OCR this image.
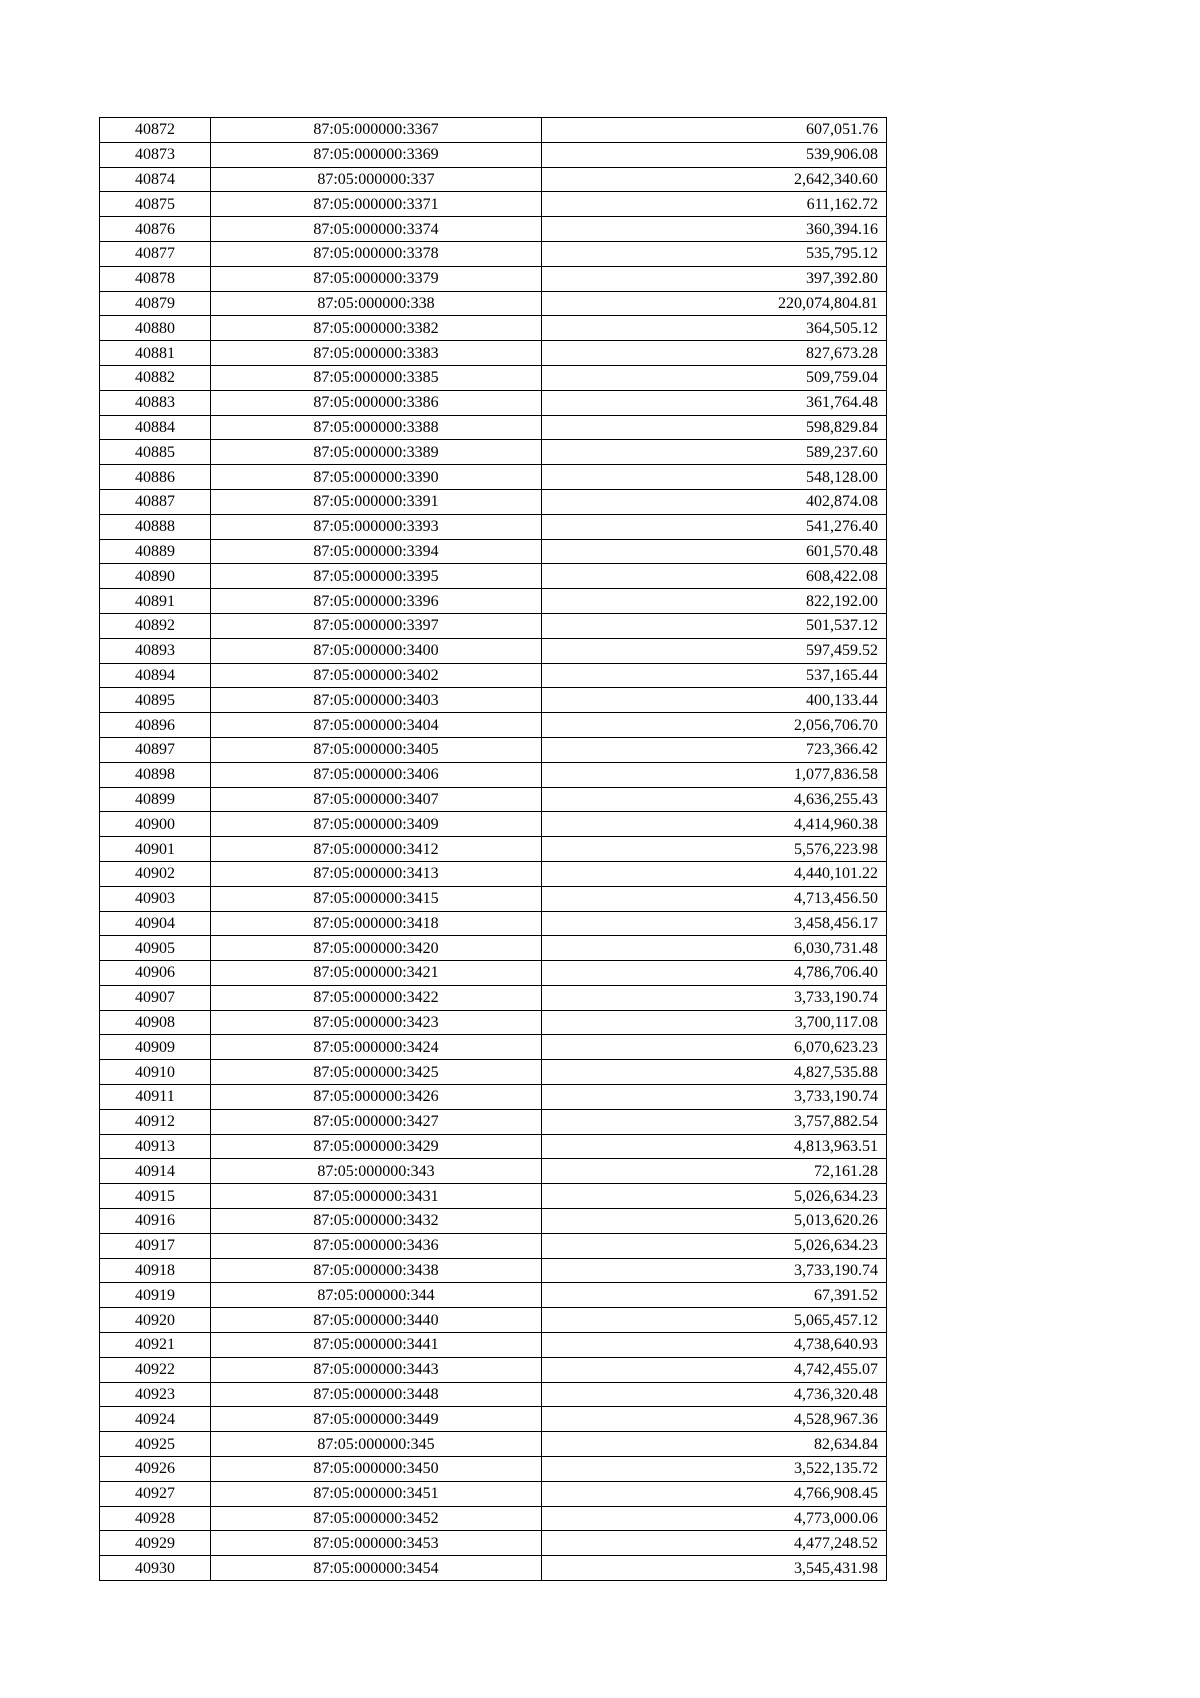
40872	87:05:000000:3367	607,051.76
40873	87:05:000000:3369	539,906.08
40874	87:05:000000:337	2,642,340.60
40875	87:05:000000:3371	611,162.72
40876	87:05:000000:3374	360,394.16
40877	87:05:000000:3378	535,795.12
40878	87:05:000000:3379	397,392.80
40879	87:05:000000:338	220,074,804.81
40880	87:05:000000:3382	364,505.12
40881	87:05:000000:3383	827,673.28
40882	87:05:000000:3385	509,759.04
40883	87:05:000000:3386	361,764.48
40884	87:05:000000:3388	598,829.84
40885	87:05:000000:3389	589,237.60
40886	87:05:000000:3390	548,128.00
40887	87:05:000000:3391	402,874.08
40888	87:05:000000:3393	541,276.40
40889	87:05:000000:3394	601,570.48
40890	87:05:000000:3395	608,422.08
40891	87:05:000000:3396	822,192.00
40892	87:05:000000:3397	501,537.12
40893	87:05:000000:3400	597,459.52
40894	87:05:000000:3402	537,165.44
40895	87:05:000000:3403	400,133.44
40896	87:05:000000:3404	2,056,706.70
40897	87:05:000000:3405	723,366.42
40898	87:05:000000:3406	1,077,836.58
40899	87:05:000000:3407	4,636,255.43
40900	87:05:000000:3409	4,414,960.38
40901	87:05:000000:3412	5,576,223.98
40902	87:05:000000:3413	4,440,101.22
40903	87:05:000000:3415	4,713,456.50
40904	87:05:000000:3418	3,458,456.17
40905	87:05:000000:3420	6,030,731.48
40906	87:05:000000:3421	4,786,706.40
40907	87:05:000000:3422	3,733,190.74
40908	87:05:000000:3423	3,700,117.08
40909	87:05:000000:3424	6,070,623.23
40910	87:05:000000:3425	4,827,535.88
40911	87:05:000000:3426	3,733,190.74
40912	87:05:000000:3427	3,757,882.54
40913	87:05:000000:3429	4,813,963.51
40914	87:05:000000:343	72,161.28
40915	87:05:000000:3431	5,026,634.23
40916	87:05:000000:3432	5,013,620.26
40917	87:05:000000:3436	5,026,634.23
40918	87:05:000000:3438	3,733,190.74
40919	87:05:000000:344	67,391.52
40920	87:05:000000:3440	5,065,457.12
40921	87:05:000000:3441	4,738,640.93
40922	87:05:000000:3443	4,742,455.07
40923	87:05:000000:3448	4,736,320.48
40924	87:05:000000:3449	4,528,967.36
40925	87:05:000000:345	82,634.84
40926	87:05:000000:3450	3,522,135.72
40927	87:05:000000:3451	4,766,908.45
40928	87:05:000000:3452	4,773,000.06
40929	87:05:000000:3453	4,477,248.52
40930	87:05:000000:3454	3,545,431.98
